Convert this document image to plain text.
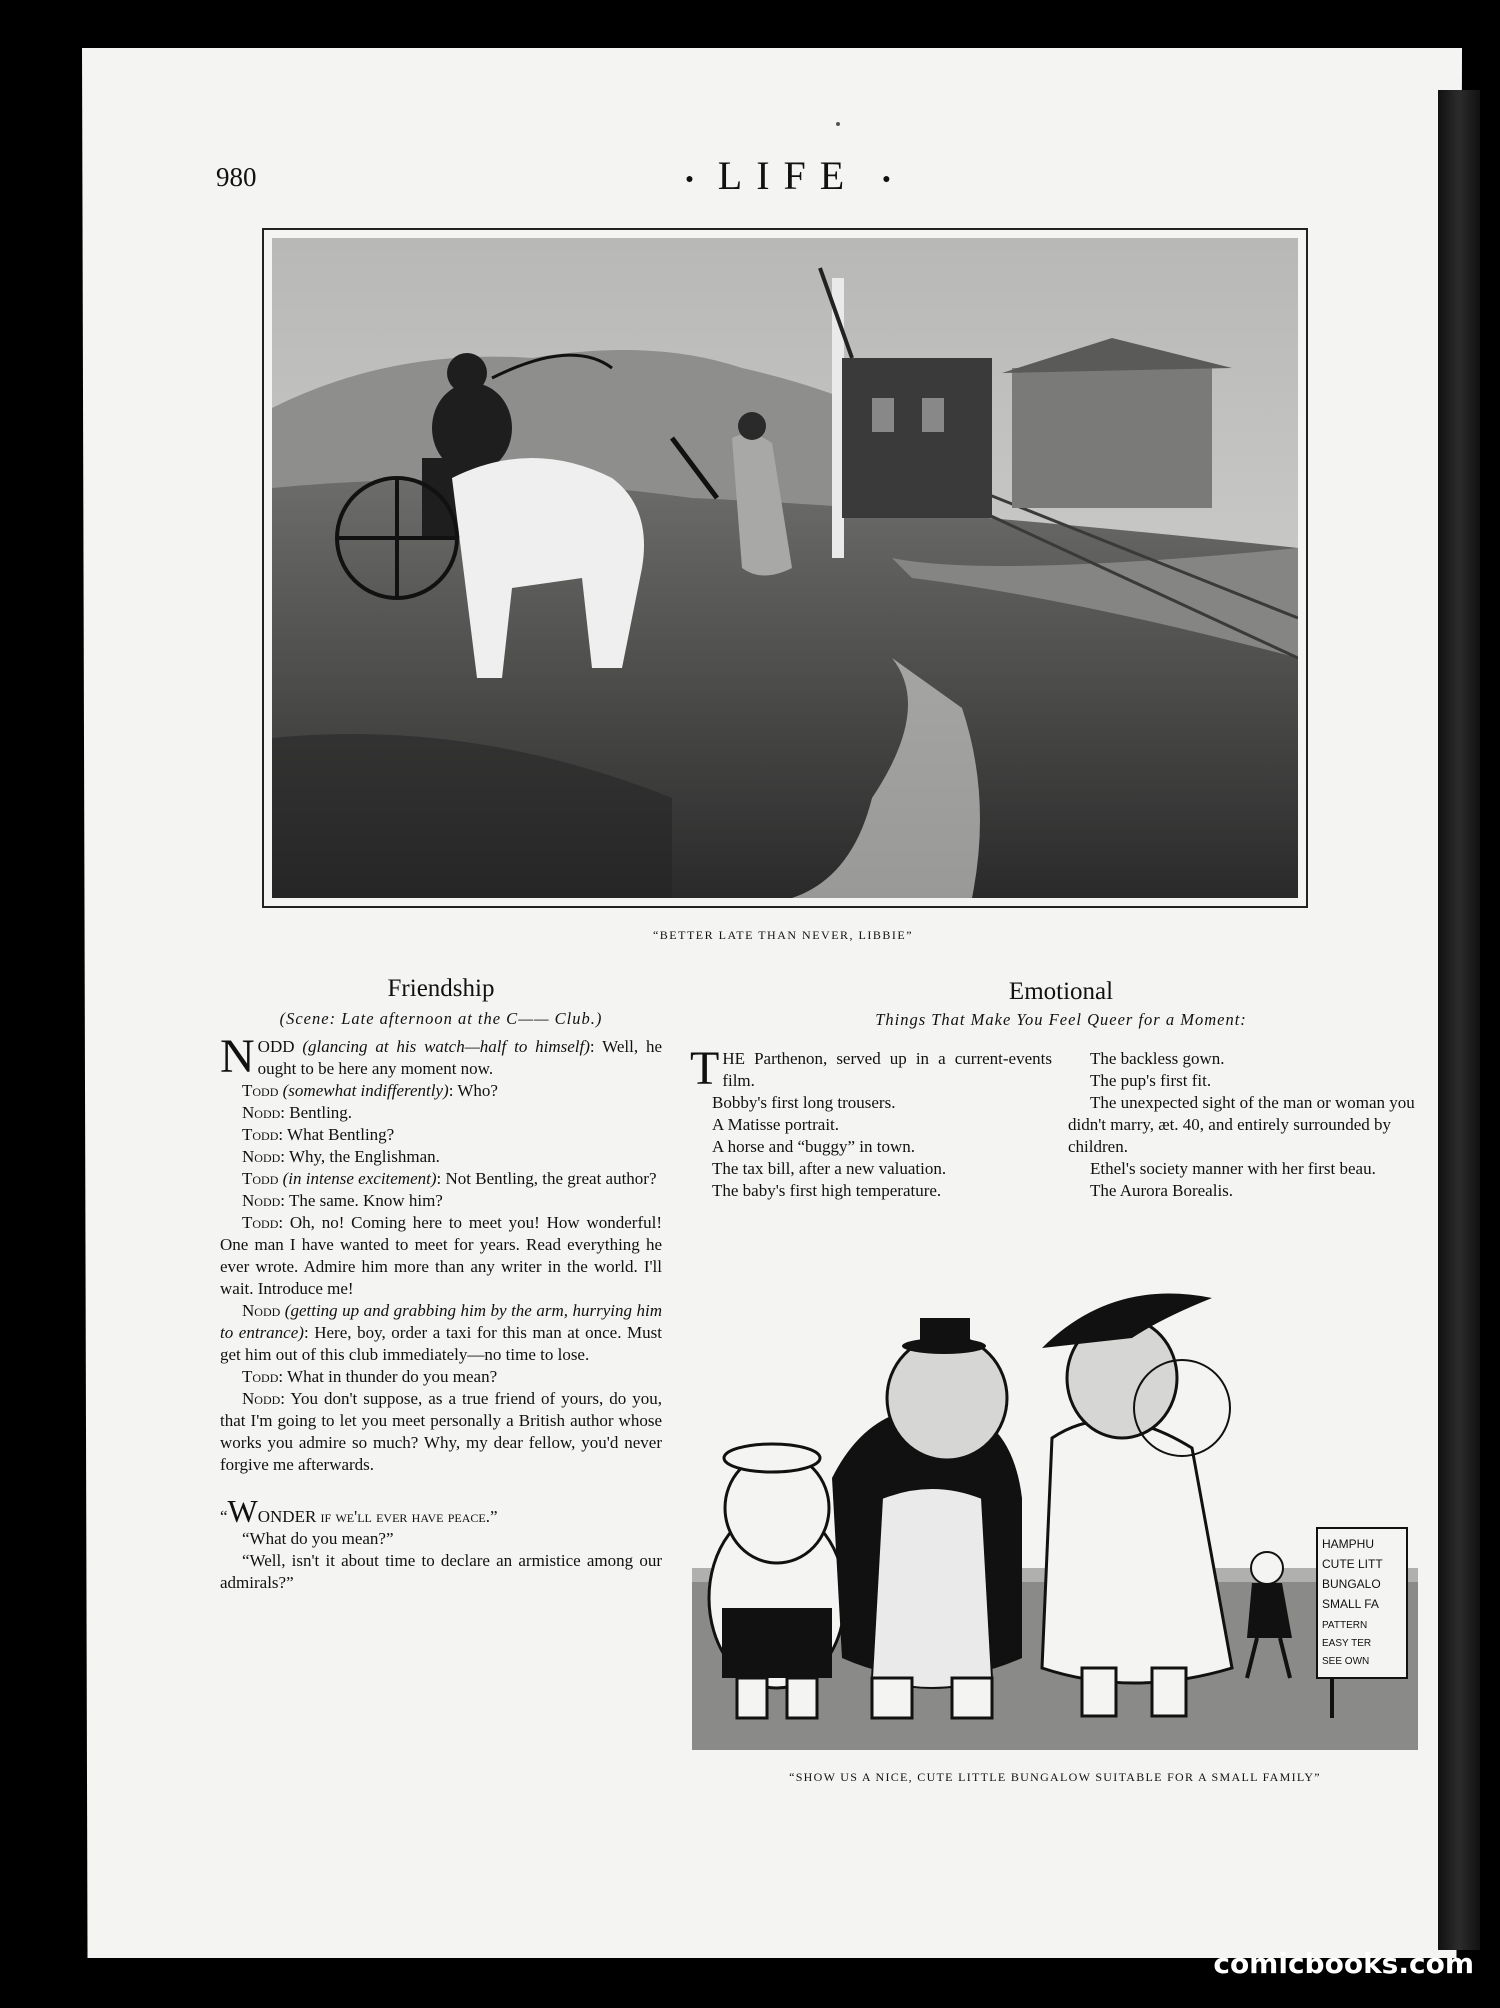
980	● LIFE ●
“BETTER LATE THAN NEVER, LIBBIE”
Friendship

(Scene: Late afternoon at the C—— Club.)

NODD (glancing at his watch—half to himself): Well, he ought to be here any moment now.

Todd (somewhat indifferently): Who?

Nodd: Bentling.

Todd: What Bentling?

Nodd: Why, the Englishman.

Todd (in intense excitement): Not Bentling, the great author?

Nodd: The same. Know him?

Todd: Oh, no! Coming here to meet you! How wonderful! One man I have wanted to meet for years. Read everything he ever wrote. Admire him more than any writer in the world. I'll wait. Introduce me!

Nodd (getting up and grabbing him by the arm, hurrying him to entrance): Here, boy, order a taxi for this man at once. Must get him out of this club immediately—no time to lose.

Todd: What in thunder do you mean?

Nodd: You don't suppose, as a true friend of yours, do you, that I'm going to let you meet personally a British author whose works you admire so much? Why, my dear fellow, you'd never forgive me afterwards.

“WONDER if we'll ever have peace.”

“What do you mean?”

“Well, isn't it about time to declare an armistice among our admirals?”

Emotional
Things That Make You Feel Queer for a Moment:

THE Parthenon, served up in a current-events film.

Bobby's first long trousers.

A Matisse portrait.

A horse and “buggy” in town.

The tax bill, after a new valuation.

The baby's first high temperature.

The backless gown.

The pup's first fit.

The unexpected sight of the man or woman you didn't marry, æt. 40, and entirely surrounded by children.

Ethel's society manner with her first beau.

The Aurora Borealis.

HAMPHU
CUTE LITT
BUNGALO
SMALL FA
PATTERN
EASY TER
SEE OWN
“SHOW US A NICE, CUTE LITTLE BUNGALOW SUITABLE FOR A SMALL FAMILY”
comicbooks.com
